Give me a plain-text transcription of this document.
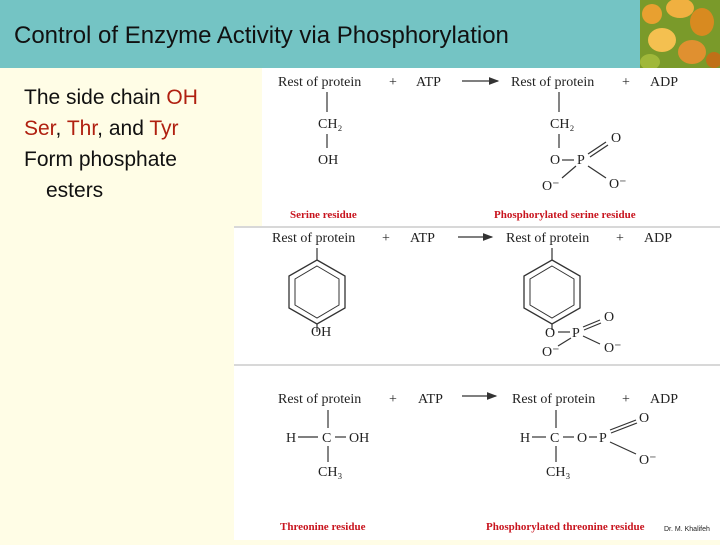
Control of Enzyme Activity via Phosphorylation
The side chain OH
Ser, Thr, and Tyr
Form phosphate
esters
Rest of protein + ATP	Rest of protein + ADP
CH₂
OH
CH₂
O P
O
O⁻
O⁻
Serine residue	Phosphorylated serine residue
Rest of protein + ATP	Rest of protein + ADP
OH	O P
O
O⁻
O⁻
Rest of protein + ATP	Rest of protein + ADP
H C OH
CH₃
H C O P
O
O⁻
CH₃
Threonine residue	Phosphorylated threonine residue	Dr. M. Khalifeh
